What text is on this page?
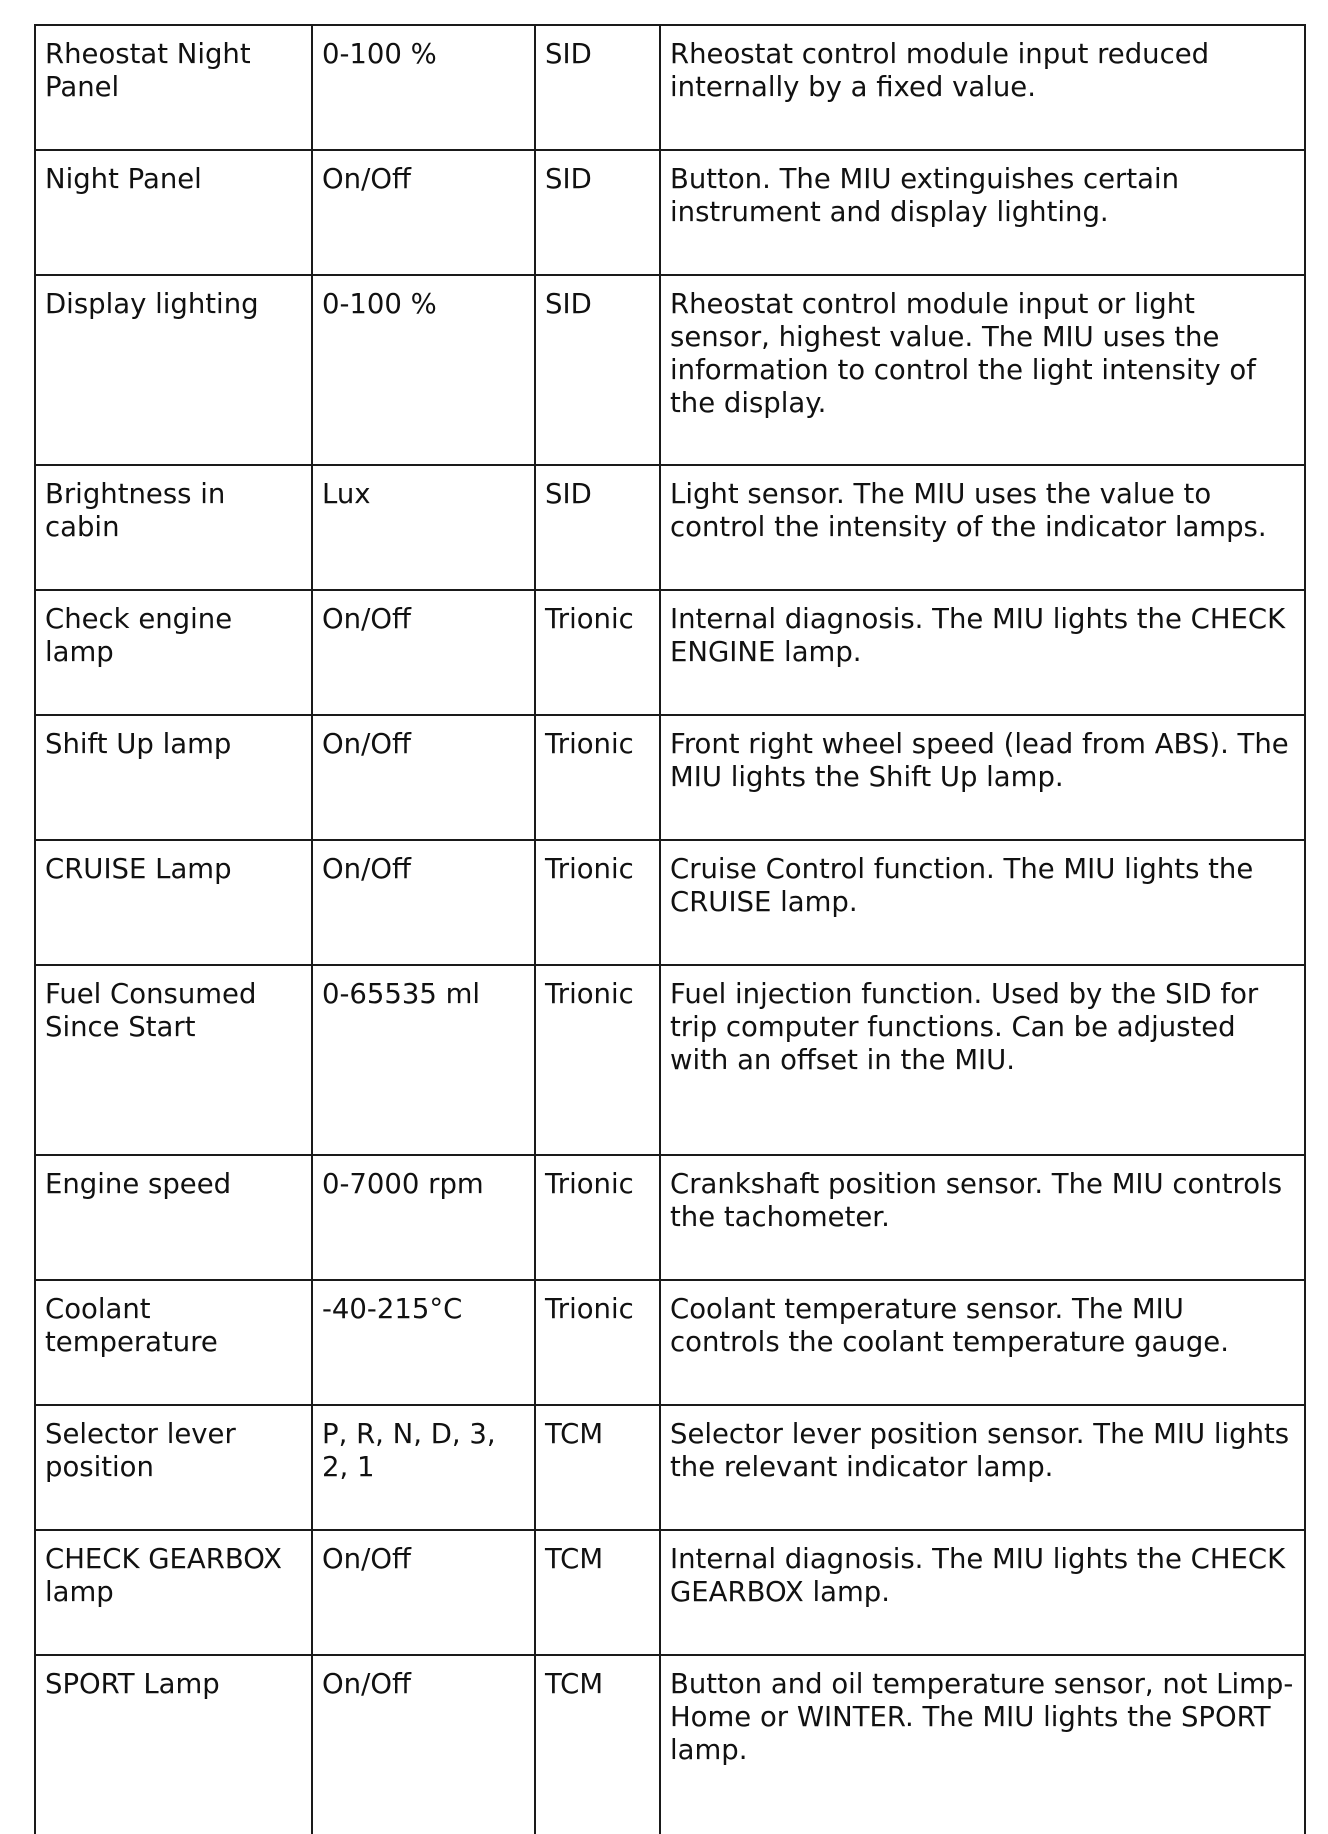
Rheostat Night Panel	0-100 %	SID	Rheostat control module input reduced internally by a fixed value.
Night Panel	On/Off	SID	Button. The MIU extinguishes certain instrument and display lighting.
Display lighting	0-100 %	SID	Rheostat control module input or light sensor, highest value. The MIU uses the information to control the light intensity of the display.
Brightness in cabin	Lux	SID	Light sensor. The MIU uses the value to control the intensity of the indicator lamps.
Check engine lamp	On/Off	Trionic	Internal diagnosis. The MIU lights the CHECK ENGINE lamp.
Shift Up lamp	On/Off	Trionic	Front right wheel speed (lead from ABS). The MIU lights the Shift Up lamp.
CRUISE Lamp	On/Off	Trionic	Cruise Control function. The MIU lights the CRUISE lamp.
Fuel Consumed Since Start	0-65535 ml	Trionic	Fuel injection function. Used by the SID for trip computer functions. Can be adjusted with an offset in the MIU.
Engine speed	0-7000 rpm	Trionic	Crankshaft position sensor. The MIU controls the tachometer.
Coolant temperature	-40-215°C	Trionic	Coolant temperature sensor. The MIU controls the coolant temperature gauge.
Selector lever position	P, R, N, D, 3, 2, 1	TCM	Selector lever position sensor. The MIU lights the relevant indicator lamp.
CHECK GEARBOX lamp	On/Off	TCM	Internal diagnosis. The MIU lights the CHECK GEARBOX lamp.
SPORT Lamp	On/Off	TCM	Button and oil temperature sensor, not Limp-Home or WINTER. The MIU lights the SPORT lamp.
